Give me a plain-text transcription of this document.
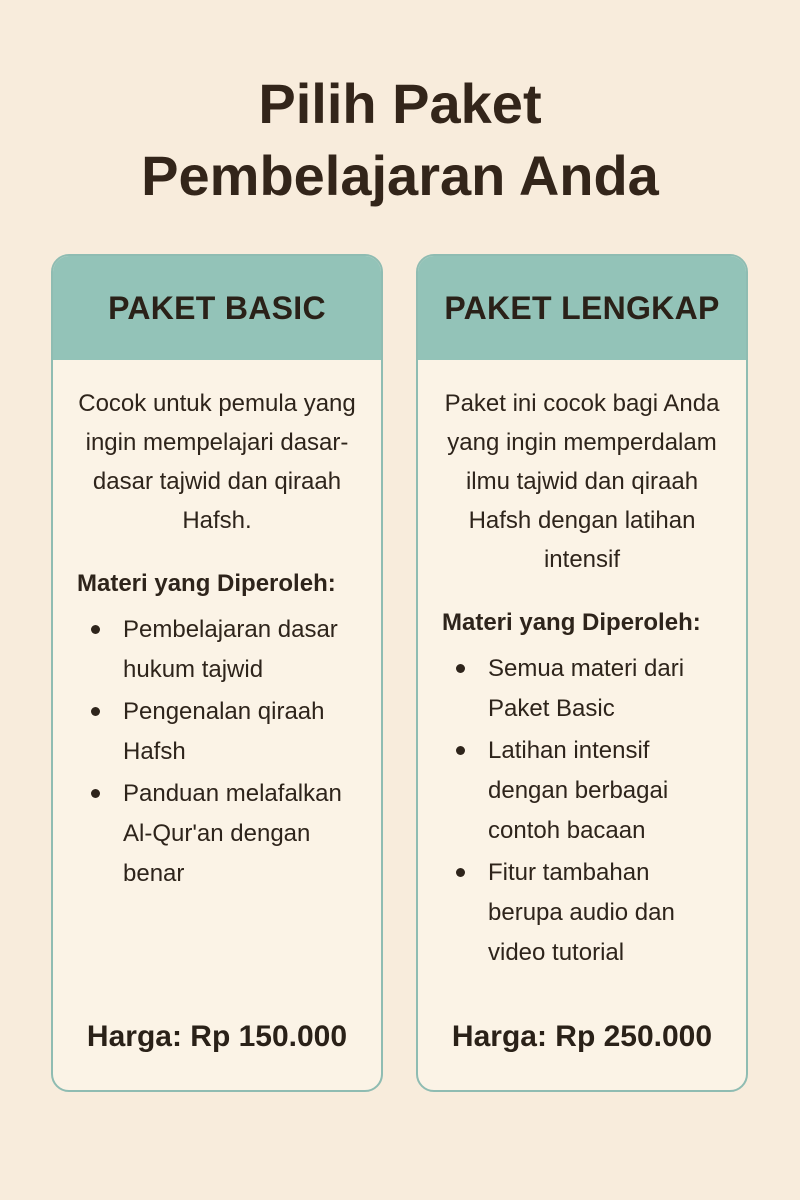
Pilih Paket
Pembelajaran Anda
PAKET BASIC
Cocok untuk pemula yang ingin mempelajari dasar-dasar tajwid dan qiraah Hafsh.
Materi yang Diperoleh:
Pembelajaran dasar hukum tajwid
Pengenalan qiraah Hafsh
Panduan melafalkan Al-Qur'an dengan benar
Harga: Rp 150.000
PAKET LENGKAP
Paket ini cocok bagi Anda yang ingin memperdalam ilmu tajwid dan qiraah Hafsh dengan latihan intensif
Materi yang Diperoleh:
Semua materi dari Paket Basic
Latihan intensif dengan berbagai contoh bacaan
Fitur tambahan berupa audio dan video tutorial
Harga: Rp 250.000
